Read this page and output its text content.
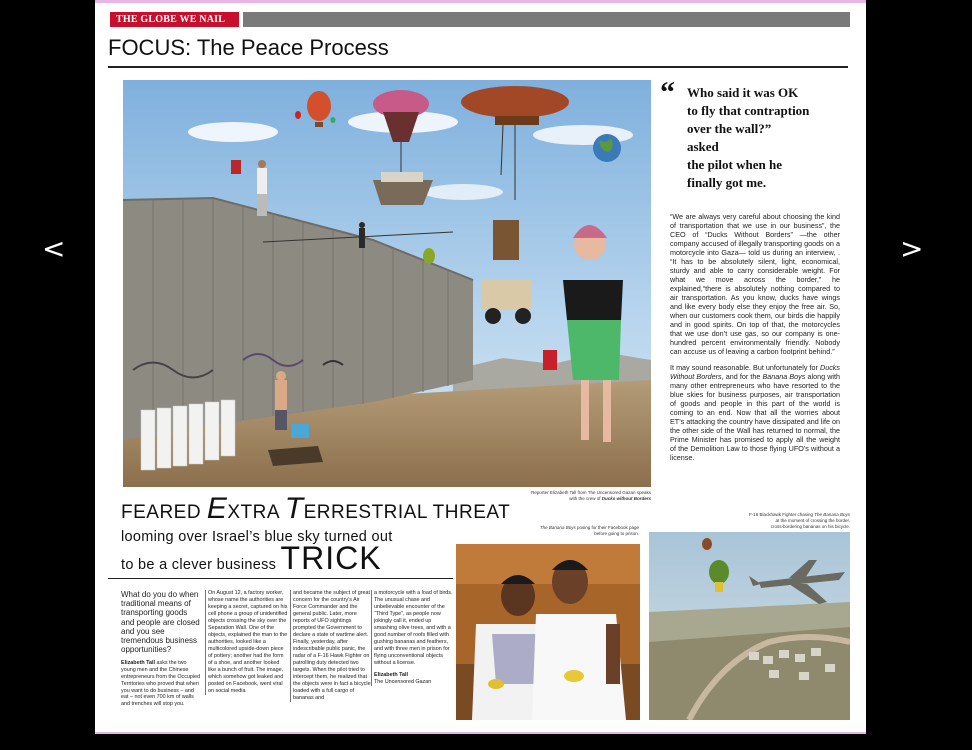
<	>
THE GLOBE WE NAIL
FOCUS: The Peace Process
Reporter Elizabeth Tall from The Uncensored Gazan speaks
with the crew of Ducks without Borders
“ Who said it was OK
to fly that contraption
over the wall?”
asked
the pilot when he
finally got me.

“We are always very careful about choosing the kind of transportation that we use in our business”, the CEO of “Ducks Without Borders” —the other company accused of illegally transporting goods on a motorcycle into Gaza— told us during an interview, . “It has to be absolutely silent, light, economical, sturdy and able to carry considerable weight. For what we move across the border,” he explained,“there is absolutely nothing compared to air transportation. As you know, ducks have wings and like every body else they enjoy the free air. So, when our customers cook them, our birds die happily and in good spirits. On top of that, the motorcycles that we use don’t use gas, so our company is one-hundred percent environmentally friendly. Nobody can accuse us of leaving a carbon footprint behind.”

It may sound reasonable. But unfortunately for Ducks Without Borders, and for the Banana Boys along with many other entrepreneurs who have resorted to the blue skies for business purposes, air transportation of goods and people in this part of the world is coming to an end. Now that all the worries about ET’s attacking the country have dissipated and life on the other side of the Wall has returned to normal, the Prime Minister has promised to apply all the weight of the Demolition Law to those flying UFO’s without a license.

FEARED EXTRA TERRESTRIAL THREAT
looming over Israel’s blue sky turned out
to be a clever business TRICK
What do you do when traditional means of transporting goods and people are closed and you see tremendous business opportunities?
Elizabeth Tall asks the two young men and the Chinese entrepreneurs from the Occupied Territories who proved that when you want to do business – and eat – not even 700 km of walls and trenches will stop you.
On August 12, a factory worker, whose name the authorities are keeping a secret, captured on his cell phone a group of unidentified objects crossing the sky over the Separation Wall. One of the objects, explained the man to the authorities, looked like a multicolored upside-down piece of pottery; another had the form of a shoe, and another looked like a bunch of fruit. The image, which somehow got leaked and posted on Facebook, went viral on social media
and became the subject of great concern for the country’s Air Force Commander and the general public. Later, more reports of UFO sightings prompted the Government to declare a state of wartime alert. Finally, yesterday, after indescribable public panic, the radar of a F-16 Hawk Fighter on patrolling duty detected two targets. When the pilot tried to intercept them, he realized that the objects were in fact a bicycle loaded with a full cargo of bananas and
a motorcycle with a load of birds. The unusual chase and unbelievable encounter of the “Third Type”, as people now jokingly call it, ended up smashing olive trees, and with a good number of roofs filled with gushing bananas and feathers, and with three men in prison for flying unconventional objects without a license.
Elizabeth Tall
The Uncensored Gazan
The Banana Boys posing for their Facebook page before going to prison.
F-16 Blackhawk Fighter chasing The Banana Boys
at the moment of crossing the border.
cross-bordering bananas on his bicycle.
